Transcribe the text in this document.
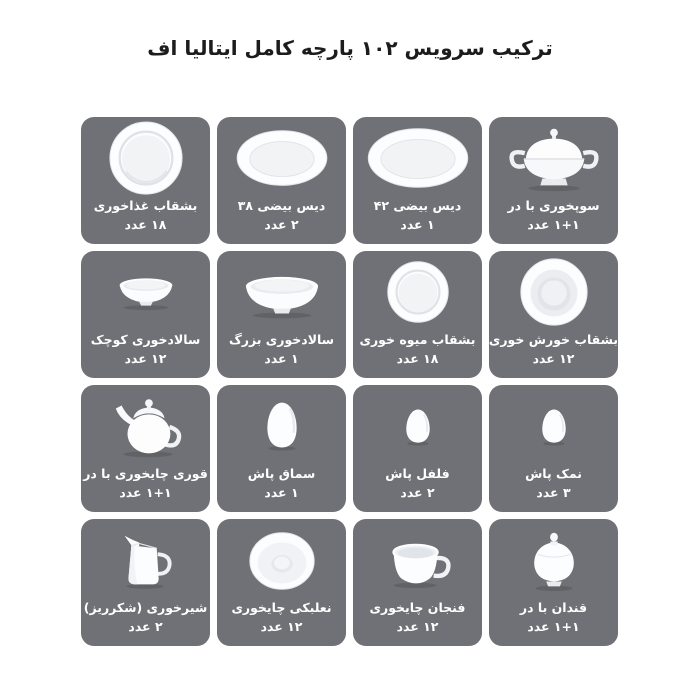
ترکیب سرویس ۱۰۲ پارچه کامل ایتالیا اف
بشقاب غذاخوری
۱۸ عدد
دیس بیضی ۳۸
۲ عدد
دیس بیضی ۴۲
۱ عدد
سوپخوری با در
۱+۱ عدد
سالادخوری کوچک
۱۲ عدد
سالادخوری بزرگ
۱ عدد
بشقاب میوه خوری
۱۸ عدد
بشقاب خورش خوری
۱۲ عدد
قوری چایخوری با در
۱+۱ عدد
سماق پاش
۱ عدد
فلفل پاش
۲ عدد
نمک پاش
۳ عدد
شیرخوری (شکرریز)
۲ عدد
نعلبکی چایخوری
۱۲ عدد
فنجان چایخوری
۱۲ عدد
قندان با در
۱+۱ عدد
